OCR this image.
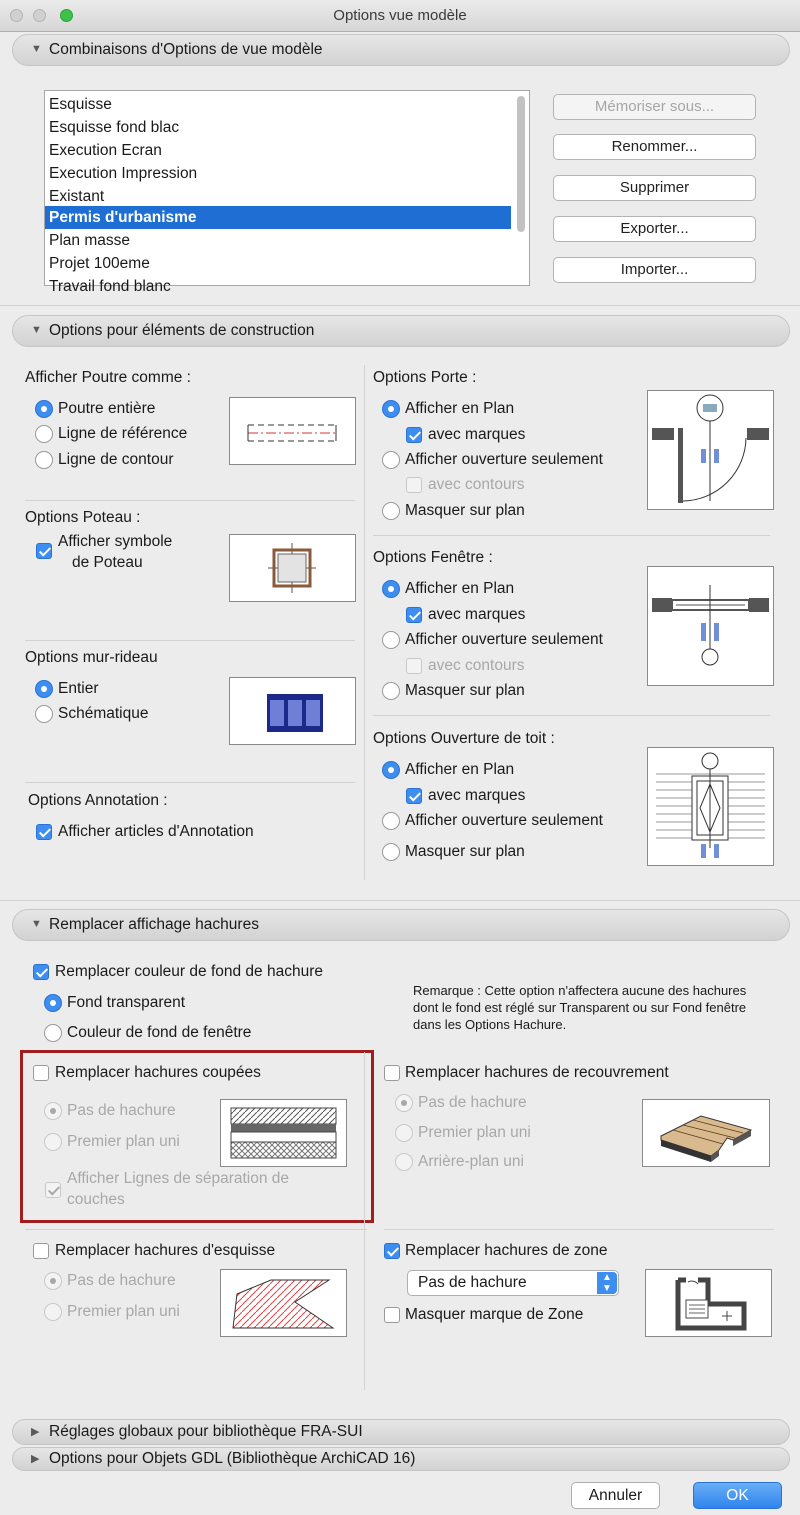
Options vue modèle
▼ Combinaisons d'Options de vue modèle
Esquisse
Esquisse fond blac
Execution Ecran
Execution Impression
Existant
Permis d'urbanisme
Plan masse
Projet 100eme
Travail fond blanc
Mémoriser sous...
Renommer...
Supprimer
Exporter...
Importer...
▼ Options pour éléments de construction
Afficher Poutre comme :
Poutre entière
Ligne de référence
Ligne de contour
Options Poteau :
Afficher symbole
de Poteau
Options mur-rideau
Entier
Schématique
Options Annotation :
Afficher articles d'Annotation
Options Porte :
Afficher en Plan
avec marques
Afficher ouverture seulement
avec contours
Masquer sur plan
Options Fenêtre :
Afficher en Plan
avec marques
Afficher ouverture seulement
avec contours
Masquer sur plan
Options Ouverture de toit :
Afficher en Plan
avec marques
Afficher ouverture seulement
Masquer sur plan
▼ Remplacer affichage hachures
Remplacer couleur de fond de hachure
Fond transparent
Couleur de fond de fenêtre
Remarque : Cette option n'affectera aucune des hachures dont le fond est réglé sur Transparent ou sur Fond fenêtre dans les Options Hachure.
Remplacer hachures coupées
Pas de hachure
Premier plan uni
Afficher Lignes de séparation de
couches
Remplacer hachures de recouvrement
Pas de hachure
Premier plan uni
Arrière-plan uni
Remplacer hachures d'esquisse
Pas de hachure
Premier plan uni
Remplacer hachures de zone
Pas de hachure	▲
▼
Masquer marque de Zone
▶ Réglages globaux pour bibliothèque FRA-SUI
▶ Options pour Objets GDL (Bibliothèque ArchiCAD 16)
Annuler	OK
